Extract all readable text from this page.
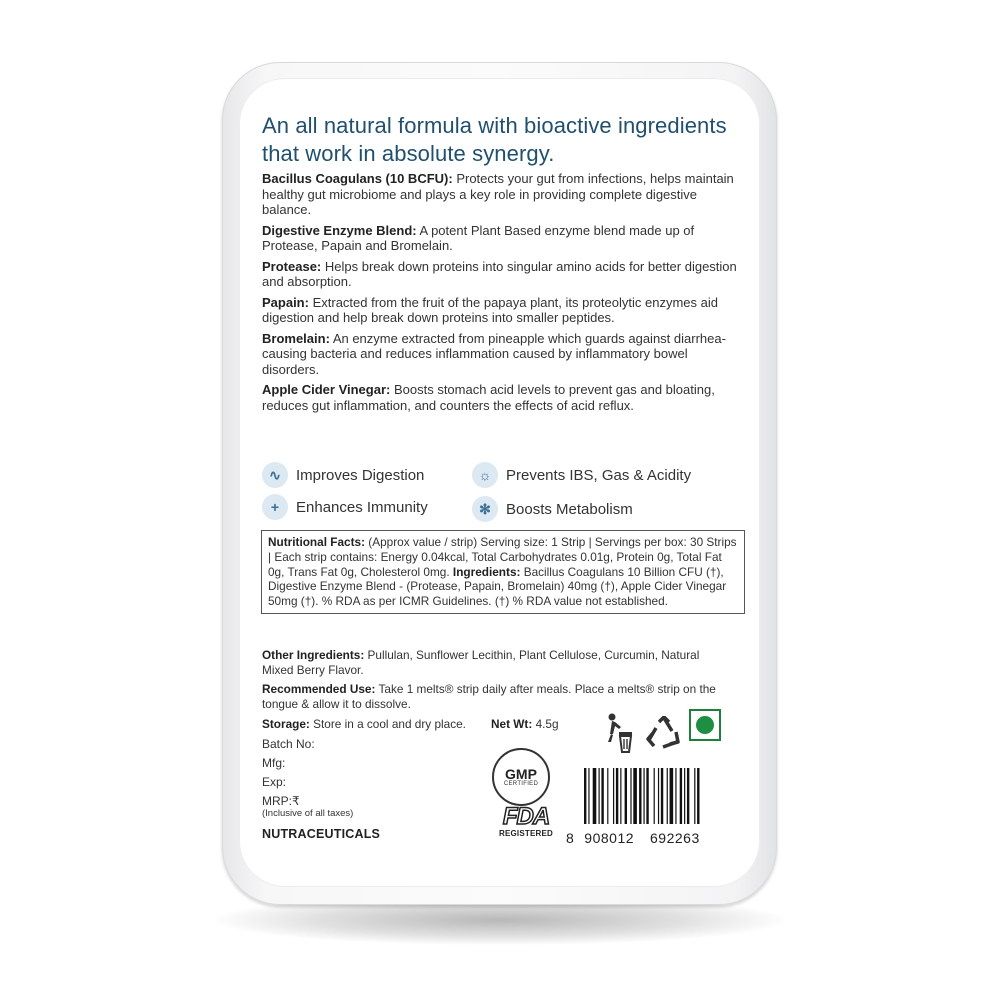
An all natural formula with bioactive ingredients that work in absolute synergy.
Bacillus Coagulans (10 BCFU): Protects your gut from infections, helps maintain healthy gut microbiome and plays a key role in providing complete digestive balance.
Digestive Enzyme Blend: A potent Plant Based enzyme blend made up of Protease, Papain and Bromelain.
Protease: Helps break down proteins into singular amino acids for better digestion and absorption.
Papain: Extracted from the fruit of the papaya plant, its proteolytic enzymes aid digestion and help break down proteins into smaller peptides.
Bromelain: An enzyme extracted from pineapple which guards against diarrhea-causing bacteria and reduces inflammation caused by inflammatory bowel disorders.
Apple Cider Vinegar: Boosts stomach acid levels to prevent gas and bloating, reduces gut inflammation, and counters the effects of acid reflux.
∿	Improves Digestion	☼ Prevents IBS, Gas & Acidity
+	Enhances Immunity	✻	Boosts Metabolism
Nutritional Facts: (Approx value / strip) Serving size: 1 Strip | Servings per box: 30 Strips | Each strip contains: Energy 0.04kcal, Total Carbohydrates 0.01g, Protein 0g, Total Fat 0g, Trans Fat 0g, Cholesterol 0mg. Ingredients: Bacillus Coagulans 10 Billion CFU (†), Digestive Enzyme Blend - (Protease, Papain, Bromelain) 40mg (†), Apple Cider Vinegar 50mg (†). % RDA as per ICMR Guidelines. (†) % RDA value not established.
Other Ingredients: Pullulan, Sunflower Lecithin, Plant Cellulose, Curcumin, Natural Mixed Berry Flavor.
Recommended Use: Take 1 melts® strip daily after meals. Place a melts® strip on the tongue & allow it to dissolve.
Storage: Store in a cool and dry place. Net Wt: 4.5g
Batch No:
Mfg:
Exp:
MRP:₹
(Inclusive of all taxes)
NUTRACEUTICALS
GMP
CERTIFIED
FDA
REGISTERED 8 908012 692263
